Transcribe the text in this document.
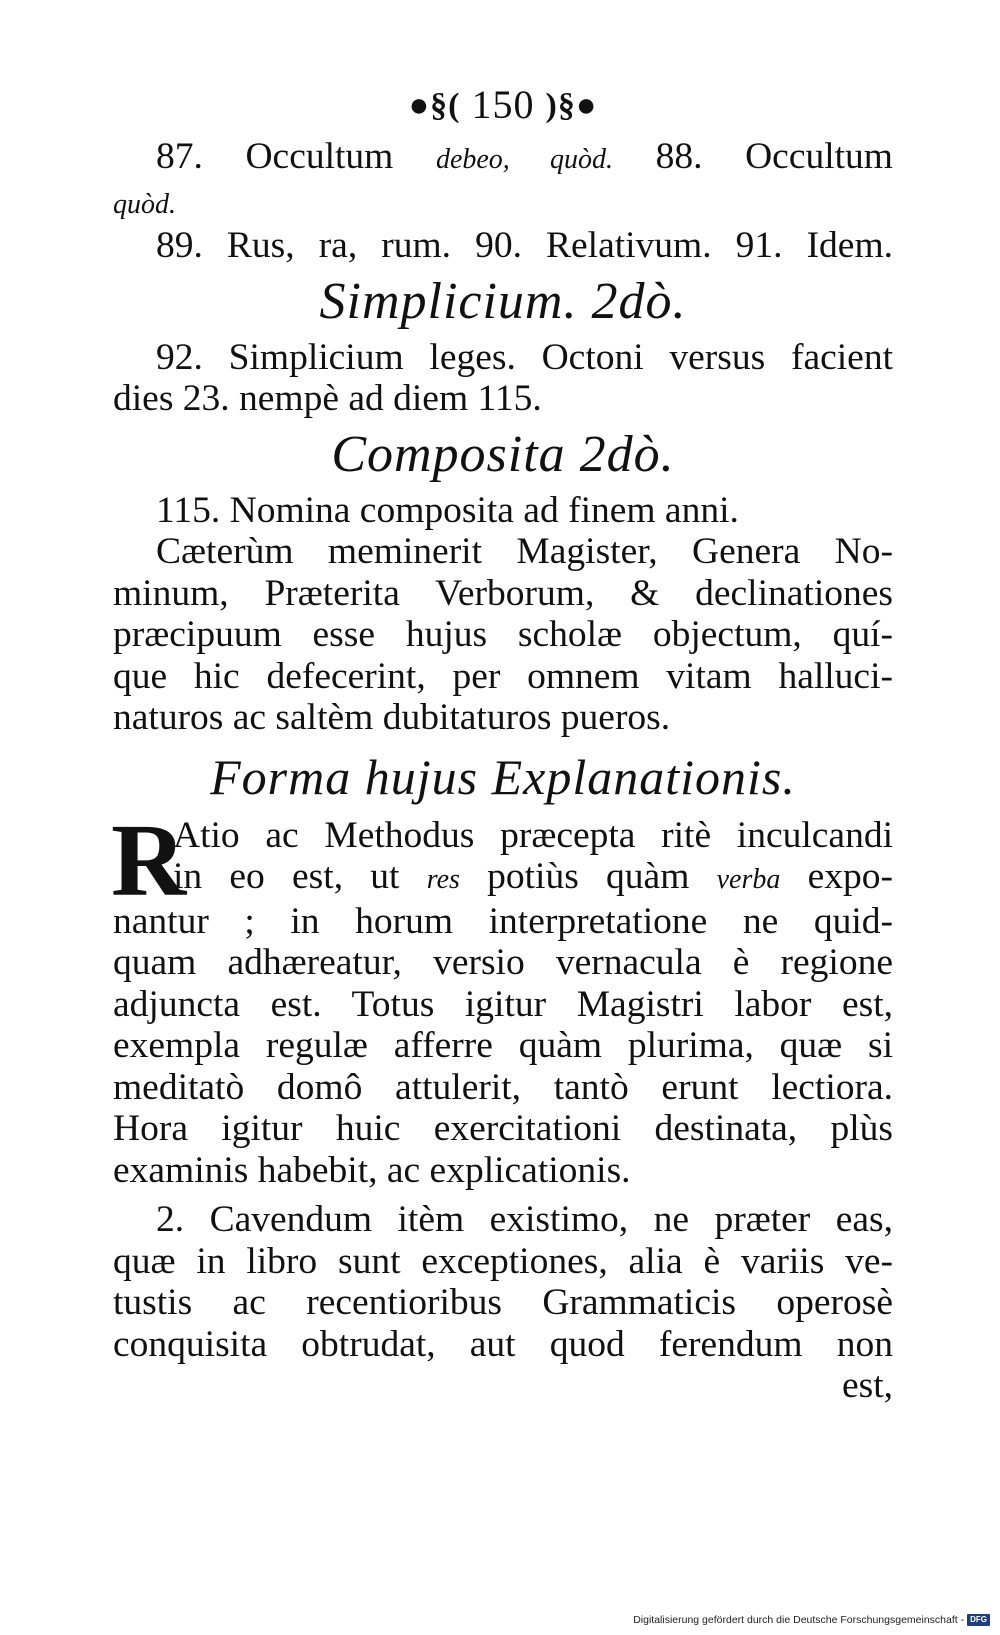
●§( 150 )§●
87. Occultum debeo, quòd. 88. Occultum
quòd.
89. Rus, ra, rum. 90. Relativum. 91. Idem.
Simplicium. 2dò.
92. Simplicium leges. Octoni versus facient
dies 23. nempè ad diem 115.
Composita 2dò.
115. Nomina composita ad finem anni.
Cæterùm meminerit Magister, Genera No-
minum, Præterita Verborum, & declinationes
præcipuum esse hujus scholæ objectum, quí-
que hic defecerint, per omnem vitam halluci-
naturos ac saltèm dubitaturos pueros.
Forma hujus Explanationis.
R
Atio ac Methodus præcepta ritè inculcandi
in eo est, ut res potiùs quàm verba expo-
nantur ; in horum interpretatione ne quid-
quam adhæreatur, versio vernacula è regione
adjuncta est. Totus igitur Magistri labor est,
exempla regulæ afferre quàm plurima, quæ si
meditatò domô attulerit, tantò erunt lectiora.
Hora igitur huic exercitationi destinata, plùs
examinis habebit, ac explicationis.
2. Cavendum itèm existimo, ne præter eas,
quæ in libro sunt exceptiones, alia è variis ve-
tustis ac recentioribus Grammaticis operosè
conquisita obtrudat, aut quod ferendum non
est,
Digitalisierung gefördert durch die Deutsche Forschungsgemeinschaft - DFG
